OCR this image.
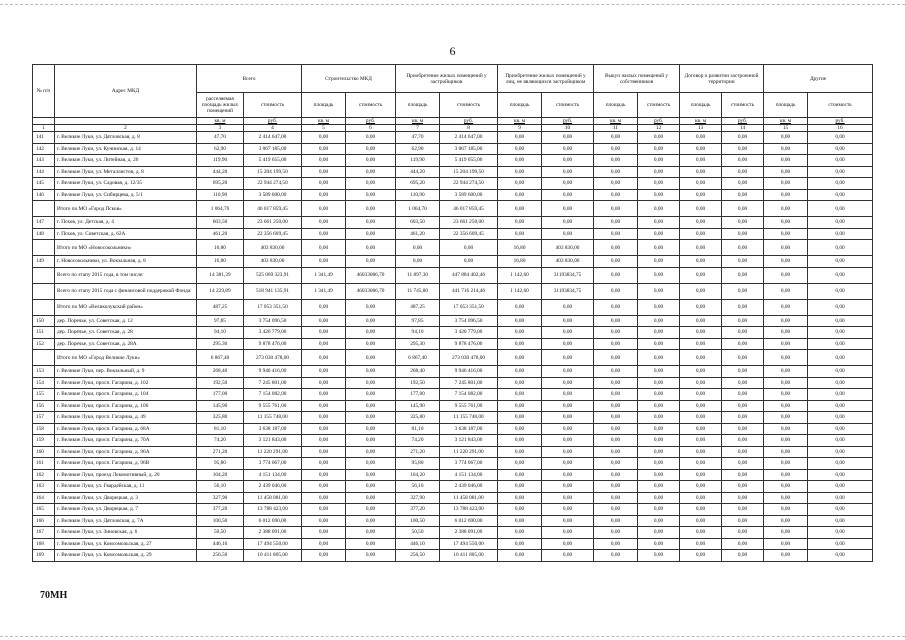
6
№ п/п	Адрес МКД	Всего		Строительство МКД		Приобретение жилых помещений у застройщиков		Приобретение жилых помещений у лиц, не являющихся застройщиком		Выкуп жилых помещений у собственников		Договор о развитии застроенной территории		Другие	
		расселяемая площадь жилых помещений	стоимость	площадь	стоимость	площадь	стоимость	площадь	стоимость	площадь	стоимость	площадь	стоимость	площадь	стоимость
		кв. м	руб.	кв. м	руб.	кв. м	руб.	кв. м	руб.	кв. м	руб.	кв. м	руб.	кв. м	руб.
1	2	3	4	5	6	7	8	9	10	11	12	13	14	15	16
141	г. Великие Луки, ул. Дятловская, д. 8	47,70	2 414 647,00	0,00	0,00	47,70	2 414 647,00	0,00	0,00	0,00	0,00	0,00	0,00	0,00	0,00
142	г. Великие Луки, ул. Кунинская, д. 14	62,90	3 067 185,00	0,00	0,00	62,90	3 067 185,00	0,00	0,00	0,00	0,00	0,00	0,00	0,00	0,00
143	г. Великие Луки, ул. Литейная, д. 20	119,90	5 419 655,00	0,00	0,00	119,90	5 419 655,00	0,00	0,00	0,00	0,00	0,00	0,00	0,00	0,00
144	г. Великие Луки, ул. Металлистов, д. 8	444,20	15 204 199,50	0,00	0,00	444,20	15 204 199,50	0,00	0,00	0,00	0,00	0,00	0,00	0,00	0,00
145	г. Великие Луки, ул. Садовая, д. 12/35	695,20	22 944 274,50	0,00	0,00	695,20	22 944 274,50	0,00	0,00	0,00	0,00	0,00	0,00	0,00	0,00
146	г. Великие Луки, ул. Сибирцева, д. 5/1	110,90	3 589 600,00	0,00	0,00	110,90	3 589 600,00	0,00	0,00	0,00	0,00	0,00	0,00	0,00	0,00
	Итого по МО «Город Псков»	1 064,70	46 017 859,45	0,00	0,00	1 064,70	46 017 859,45	0,00	0,00	0,00	0,00	0,00	0,00	0,00	0,00
147	г. Псков, ул. Детская, д. 4	603,50	23 661 250,00	0,00	0,00	603,50	23 661 250,00	0,00	0,00	0,00	0,00	0,00	0,00	0,00	0,00
148	г. Псков, ул. Советская, д. 62А	461,20	22 356 609,45	0,00	0,00	461,20	22 356 609,45	0,00	0,00	0,00	0,00	0,00	0,00	0,00	0,00
	Итого по МО «Новосокольники»	16,80	403 830,00	0,00	0,00	0,00	0,00	16,80	403 830,00	0,00	0,00	0,00	0,00	0,00	0,00
149	г. Новосокольники, ул. Вокзальная, д. 8	16,80	403 830,00	0,00	0,00	0,00	0,00	16,80	403 830,00	0,00	0,00	0,00	0,00	0,00	0,00
	Всего по этапу 2015 года, в том числе:	14 381,39	525 069 323,91	1 341,49	46033086,70	11 897,30	447 884 402,46	1 142,60	31193834,75	0,00	0,00	0,00	0,00	0,00	0,00
	Всего по этапу 2015 года с финансовой поддержкой Фонда:	14 229,89	518 941 135,91	1 341,49	46033086,70	11 745,80	441 716 214,46	1 142,60	31193834,75	0,00	0,00	0,00	0,00	0,00	0,00
	Итого по МО «Великолукский район»	487,25	17 053 351,50	0,00	0,00	487,25	17 053 351,50	0,00	0,00	0,00	0,00	0,00	0,00	0,00	0,00
150	дер. Поречье, ул. Советская, д. 12	97,85	3 754 096,50	0,00	0,00	97,85	3 754 096,50	0,00	0,00	0,00	0,00	0,00	0,00	0,00	0,00
151	дер. Поречье, ул. Советская, д. 28	94,10	3 420 779,00	0,00	0,00	94,10	3 420 779,00	0,00	0,00	0,00	0,00	0,00	0,00	0,00	0,00
152	дер. Поречье, ул. Советская, д. 28А	295,30	9 878 476,00	0,00	0,00	295,30	9 878 476,00	0,00	0,00	0,00	0,00	0,00	0,00	0,00	0,00
	Итого по МО «Город Великие Луки»	6 867,40	273 030 478,00	0,00	0,00	6 867,40	273 030 478,00	0,00	0,00	0,00	0,00	0,00	0,00	0,00	0,00
153	г. Великие Луки, пер. Вокзальный, д. 9	268,40	9 946 416,00	0,00	0,00	268,40	9 946 416,00	0,00	0,00	0,00	0,00	0,00	0,00	0,00	0,00
154	г. Великие Луки, просп. Гагарина, д. 102	192,50	7 245 801,00	0,00	0,00	192,50	7 245 801,00	0,00	0,00	0,00	0,00	0,00	0,00	0,00	0,00
155	г. Великие Луки, просп. Гагарина, д. 104	177,00	7 154 082,00	0,00	0,00	177,00	7 154 082,00	0,00	0,00	0,00	0,00	0,00	0,00	0,00	0,00
156	г. Великие Луки, просп. Гагарина, д. 106	145,90	9 555 761,00	0,00	0,00	145,90	9 555 761,00	0,00	0,00	0,00	0,00	0,00	0,00	0,00	0,00
157	г. Великие Луки, просп. Гагарина, д. 49	325,80	11 155 748,00	0,00	0,00	325,80	11 155 748,00	0,00	0,00	0,00	0,00	0,00	0,00	0,00	0,00
158	г. Великие Луки, просп. Гагарина, д. 68А	81,10	3 638 187,00	0,00	0,00	81,10	3 638 187,00	0,00	0,00	0,00	0,00	0,00	0,00	0,00	0,00
159	г. Великие Луки, просп. Гагарина, д. 70А	74,20	3 121 843,00	0,00	0,00	74,20	3 121 843,00	0,00	0,00	0,00	0,00	0,00	0,00	0,00	0,00
160	г. Великие Луки, просп. Гагарина, д. 96А	271,20	11 220 291,00	0,00	0,00	271,20	11 220 291,00	0,00	0,00	0,00	0,00	0,00	0,00	0,00	0,00
161	г. Великие Луки, просп. Гагарина, д. 96В	95,80	3 774 067,00	0,00	0,00	95,80	3 774 067,00	0,00	0,00	0,00	0,00	0,00	0,00	0,00	0,00
162	г. Великие Луки, проезд Локомотивный, д. 20	104,20	4 151 134,00	0,00	0,00	104,20	4 151 134,00	0,00	0,00	0,00	0,00	0,00	0,00	0,00	0,00
163	г. Великие Луки, ул. Гвардейская, д. 11	56,10	2 439 046,00	0,00	0,00	56,10	2 439 046,00	0,00	0,00	0,00	0,00	0,00	0,00	0,00	0,00
164	г. Великие Луки, ул. Дворецкая, д. 3	327,90	11 458 081,00	0,00	0,00	327,90	11 458 081,00	0,00	0,00	0,00	0,00	0,00	0,00	0,00	0,00
165	г. Великие Луки, ул. Дворецкая, д. 7	377,20	13 788 423,00	0,00	0,00	377,20	13 788 423,00	0,00	0,00	0,00	0,00	0,00	0,00	0,00	0,00
166	г. Великие Луки, ул. Дятловская, д. 7А	100,50	6 012 690,00	0,00	0,00	100,50	6 012 690,00	0,00	0,00	0,00	0,00	0,00	0,00	0,00	0,00
167	г. Великие Луки, ул. Зиновская, д. 6	50,50	2 388 091,00	0,00	0,00	50,50	2 388 091,00	0,00	0,00	0,00	0,00	0,00	0,00	0,00	0,00
168	г. Великие Луки, ул. Комсомольская, д. 27	446,10	17 494 550,00	0,00	0,00	446,10	17 494 550,00	0,00	0,00	0,00	0,00	0,00	0,00	0,00	0,00
169	г. Великие Луки, ул. Комсомольская, д. 29	256,50	10 411 805,00	0,00	0,00	256,50	10 411 805,00	0,00	0,00	0,00	0,00	0,00	0,00	0,00	0,00
70МН
